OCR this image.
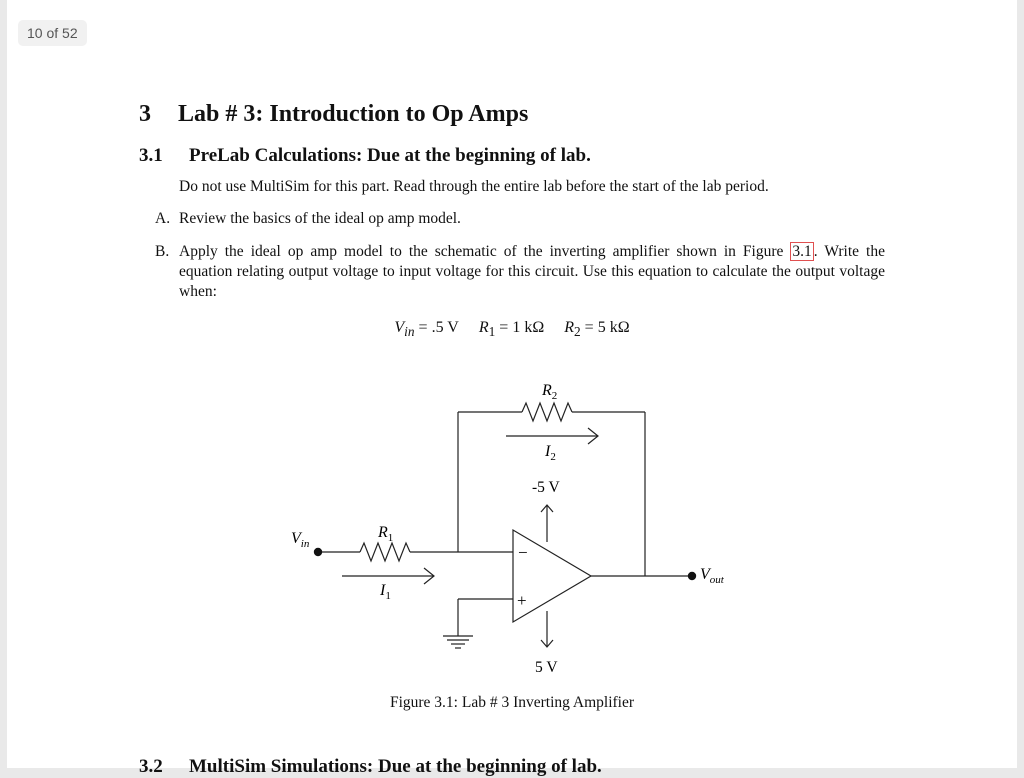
10 of 52
3 Lab # 3: Introduction to Op Amps
3.1 PreLab Calculations: Due at the beginning of lab.

Do not use MultiSim for this part. Read through the entire lab before the start of the lab period.

A. Review the basics of the ideal op amp model.
B. Apply the ideal op amp model to the schematic of the inverting amplifier shown in Figure 3.1 . Write the equation relating output voltage to input voltage for this circuit. Use this equation to calculate the output voltage when:
$V_{in} = .5$ V $R_1 = 1$ kΩ $R_2 = 5$ kΩ
$R_2$
$I_2$
-5 V
$R_1$
$V_{in}$	−
+
$V_{out}$
$I_1$
5 V
Figure 3.1: Lab # 3 Inverting Amplifier
3.2 MultiSim Simulations: Due at the beginning of lab.
